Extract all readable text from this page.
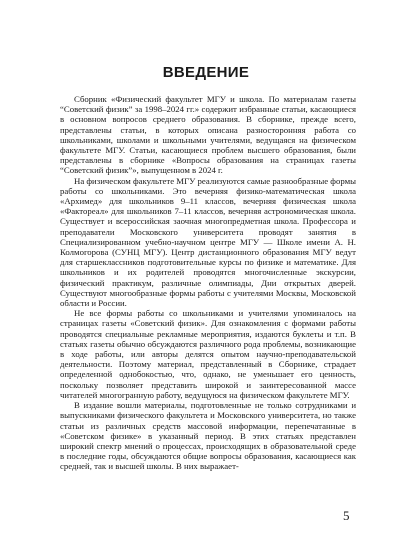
ВВЕДЕНИЕ

Сборник «Физический факультет МГУ и школа. По материалам газеты “Советский физик” за 1998–2024 гг.» содержит избранные статьи, касающиеся в основном вопросов среднего образования. В сборнике, прежде всего, представлены статьи, в которых описана разносторонняя работа со школьниками, школами и школьными учителями, ведущаяся на физическом факультете МГУ. Статьи, касающиеся проблем высшего образования, были представлены в сборнике «Вопросы образования на страницах газеты “Советский физик”», выпущенном в 2024 г.

На физическом факультете МГУ реализуются самые разнообразные формы работы со школьниками. Это вечерняя физико-математическая школа «Архимед» для школьников 9–11 классов, вечерняя физическая школа «Фактореал» для школьников 7–11 классов, вечерняя астрономическая школа. Существует и всероссийская заочная многопредметная школа. Профессора и преподаватели Московского университета проводят занятия в Специализированном учебно-научном центре МГУ — Школе имени А. Н. Колмогорова (СУНЦ МГУ). Центр дистанционного образования МГУ ведут для старшеклассников подготовительные курсы по физике и математике. Для школьников и их родителей проводятся многочисленные экскурсии, физический практикум, различные олимпиады, Дни открытых дверей. Существуют многообразные формы работы с учителями Москвы, Московской области и России.

Не все формы работы со школьниками и учителями упоминалось на страницах газеты «Советский физик». Для ознакомления с формами работы проводятся специальные рекламные мероприятия, издаются буклеты и т.п. В статьях газеты обычно обсуждаются различного рода проблемы, возникающие в ходе работы, или авторы делятся опытом научно-преподавательской деятельности. Поэтому материал, представленный в Сборнике, страдает определенной однобокостью, что, однако, не уменьшает его ценность, поскольку позволяет представить широкой и заинтересованной массе читателей многогранную работу, ведущуюся на физическом факультете МГУ.

В издание вошли материалы, подготовленные не только сотрудниками и выпускниками физического факультета и Московского университета, но также статьи из различных средств массовой информации, перепечатанные в «Советском физике» в указанный период. В этих статьях представлен широкий спектр мнений о процессах, происходящих в образовательной среде в последние годы, обсуждаются общие вопросы образования, касающиеся как средней, так и высшей школы. В них выражает-

5
